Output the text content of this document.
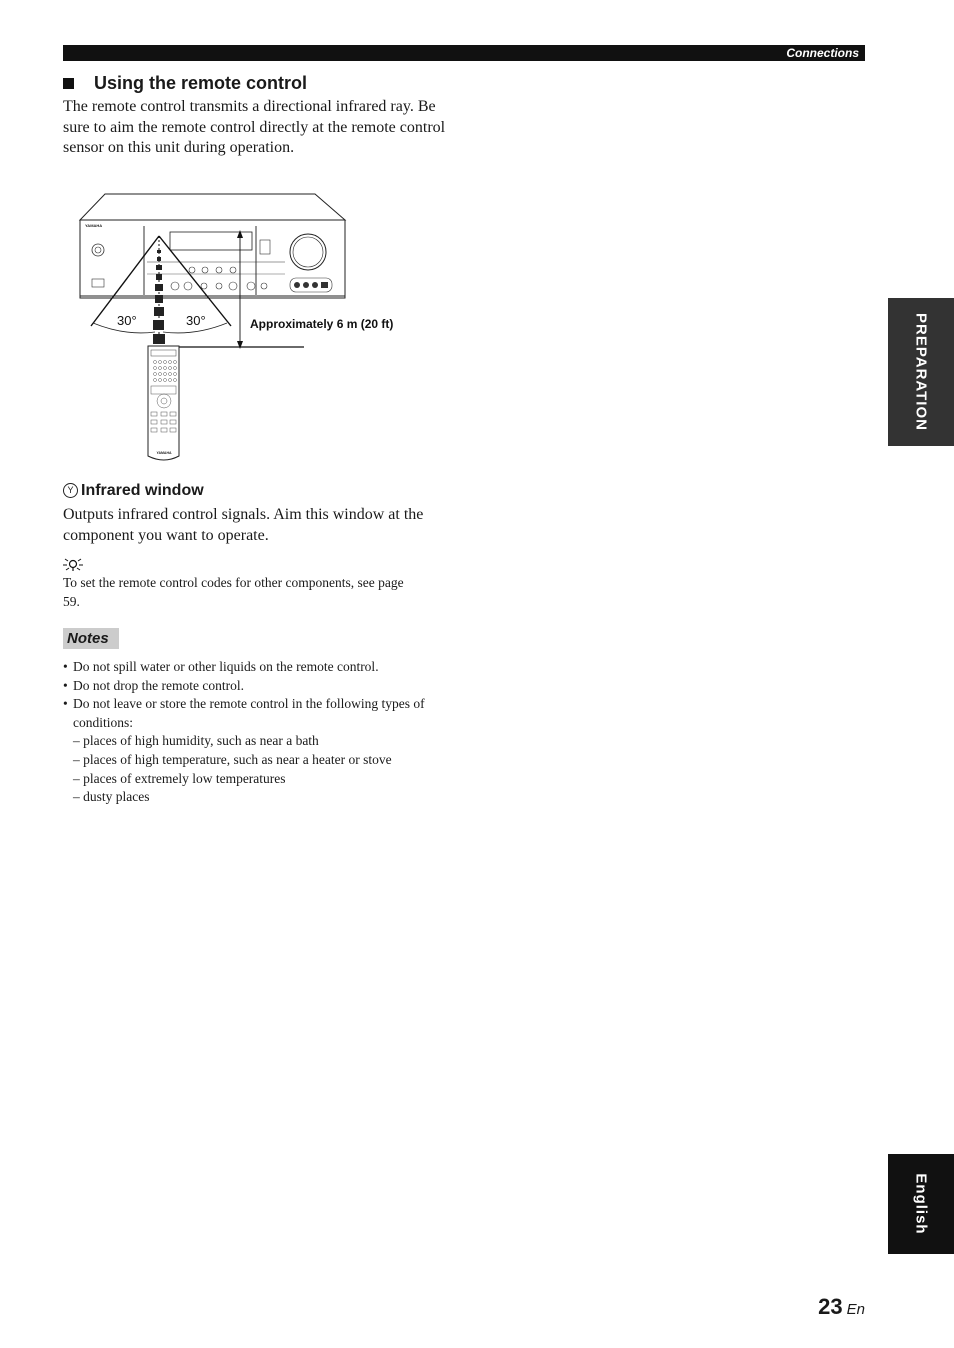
Connections
Using the remote control
The remote control transmits a directional infrared ray. Be sure to aim the remote control directly at the remote control sensor on this unit during operation.
YAMAHA
30°	30°	Approximately 6 m (20 ft)
YAMAHA
Y Infrared window
Outputs infrared control signals. Aim this window at the component you want to operate.
To set the remote control codes for other components, see page 59.
Notes
• Do not spill water or other liquids on the remote control.
• Do not drop the remote control.
• Do not leave or store the remote control in the following types of conditions:
– places of high humidity, such as near a bath
– places of high temperature, such as near a heater or stove
– places of extremely low temperatures
– dusty places
PREPARATION
English
23 En
